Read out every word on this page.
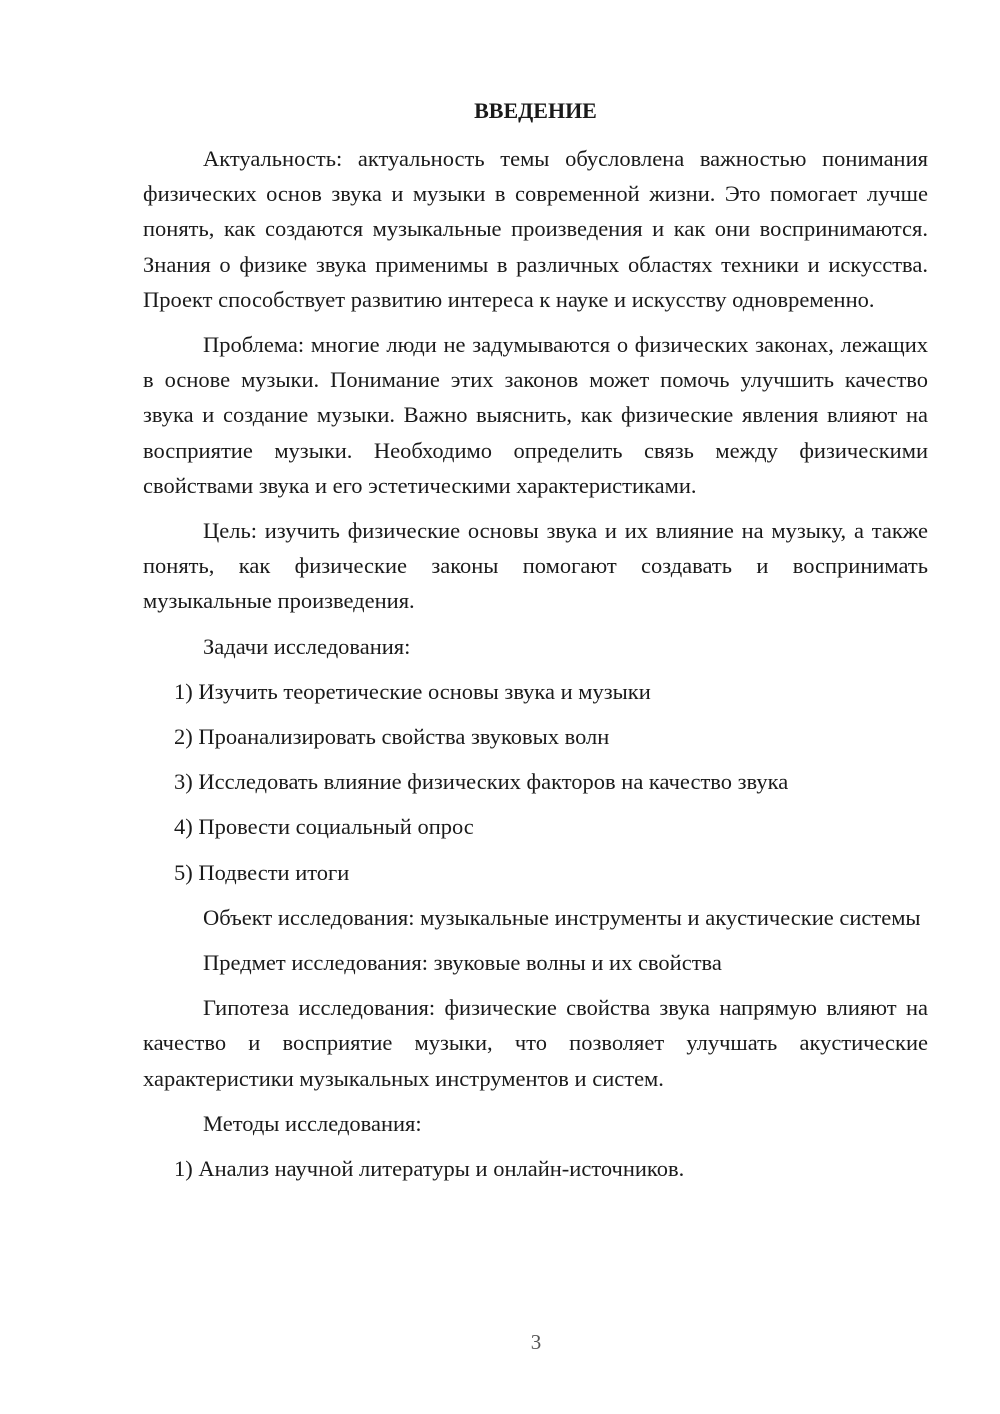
ВВЕДЕНИЕ

Актуальность: актуальность темы обусловлена важностью понимания физических основ звука и музыки в современной жизни. Это помогает лучше понять, как создаются музыкальные произведения и как они воспринимаются. Знания о физике звука применимы в различных областях техники и искусства. Проект способствует развитию интереса к науке и искусству одновременно.

Проблема: многие люди не задумываются о физических законах, лежащих в основе музыки. Понимание этих законов может помочь улучшить качество звука и создание музыки. Важно выяснить, как физические явления влияют на восприятие музыки. Необходимо определить связь между физическими свойствами звука и его эстетическими характеристиками.

Цель: изучить физические основы звука и их влияние на музыку, а также понять, как физические законы помогают создавать и воспринимать музыкальные произведения.

Задачи исследования:

1) Изучить теоретические основы звука и музыки

2) Проанализировать свойства звуковых волн

3) Исследовать влияние физических факторов на качество звука

4) Провести социальный опрос

5) Подвести итоги

Объект исследования: музыкальные инструменты и акустические системы

Предмет исследования: звуковые волны и их свойства

Гипотеза исследования: физические свойства звука напрямую влияют на качество и восприятие музыки, что позволяет улучшать акустические характеристики музыкальных инструментов и систем.

Методы исследования:

1) Анализ научной литературы и онлайн-источников.

3
